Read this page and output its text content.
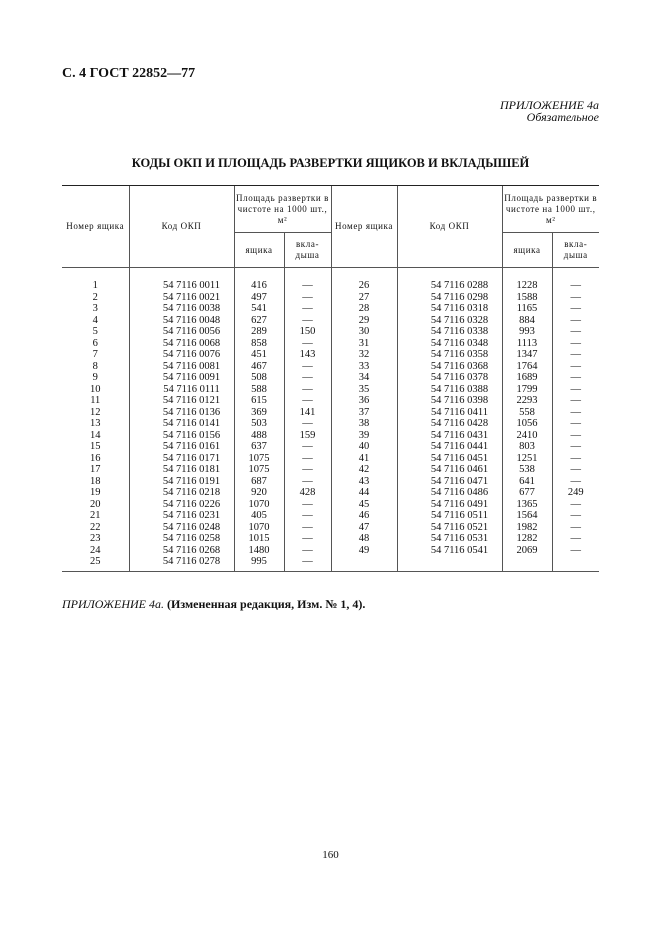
С. 4 ГОСТ 22852—77
ПРИЛОЖЕНИЕ 4а
Обязательное
КОДЫ ОКП И ПЛОЩАДЬ РАЗВЕРТКИ ЯЩИКОВ И ВКЛАДЫШЕЙ
Номер ящика	Код ОКП	Площадь развертки в чистоте на 1000 шт., м²		Номер ящика	Код ОКП	Площадь развертки в чистоте на 1000 шт., м²	
		ящика	вкла-дыша			ящика	вкла-дыша
1	54 7116 0011	416	—	26	54 7116 0288	1228	—
2	54 7116 0021	497	—	27	54 7116 0298	1588	—
3	54 7116 0038	541	—	28	54 7116 0318	1165	—
4	54 7116 0048	627	—	29	54 7116 0328	884	—
5	54 7116 0056	289	150	30	54 7116 0338	993	—
6	54 7116 0068	858	—	31	54 7116 0348	1113	—
7	54 7116 0076	451	143	32	54 7116 0358	1347	—
8	54 7116 0081	467	—	33	54 7116 0368	1764	—
9	54 7116 0091	508	—	34	54 7116 0378	1689	—
10	54 7116 0111	588	—	35	54 7116 0388	1799	—
11	54 7116 0121	615	—	36	54 7116 0398	2293	—
12	54 7116 0136	369	141	37	54 7116 0411	558	—
13	54 7116 0141	503	—	38	54 7116 0428	1056	—
14	54 7116 0156	488	159	39	54 7116 0431	2410	—
15	54 7116 0161	637	—	40	54 7116 0441	803	—
16	54 7116 0171	1075	—	41	54 7116 0451	1251	—
17	54 7116 0181	1075	—	42	54 7116 0461	538	—
18	54 7116 0191	687	—	43	54 7116 0471	641	—
19	54 7116 0218	920	428	44	54 7116 0486	677	249
20	54 7116 0226	1070	—	45	54 7116 0491	1365	—
21	54 7116 0231	405	—	46	54 7116 0511	1564	—
22	54 7116 0248	1070	—	47	54 7116 0521	1982	—
23	54 7116 0258	1015	—	48	54 7116 0531	1282	—
24	54 7116 0268	1480	—	49	54 7116 0541	2069	—
25	54 7116 0278	995	—				
ПРИЛОЖЕНИЕ 4а. (Измененная редакция, Изм. № 1, 4).
160
